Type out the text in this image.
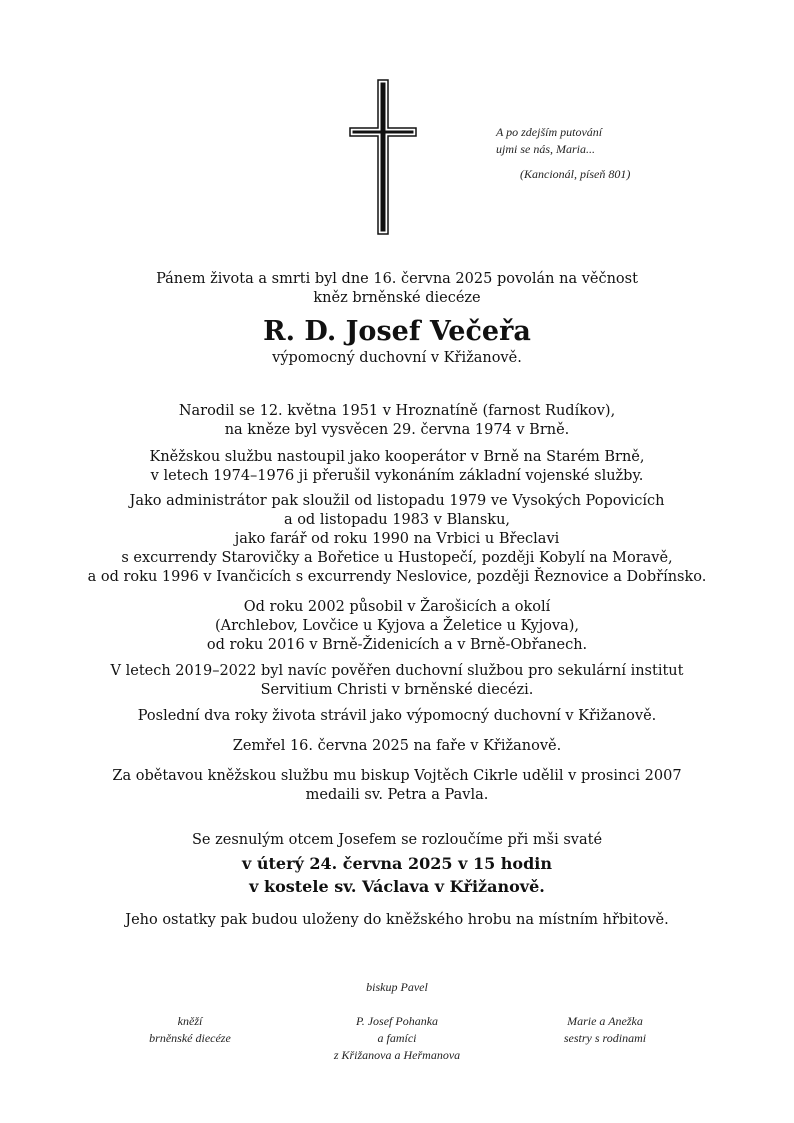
A po zdejším putování
ujmi se nás, Maria...
(Kancionál, píseň 801)
Pánem života a smrti byl dne 16. června 2025 povolán na věčnost
kněz brněnské diecéze
R. D. Josef Večeřa
výpomocný duchovní v Křižanově.
Narodil se 12. května 1951 v Hroznatíně (farnost Rudíkov),
na kněze byl vysvěcen 29. června 1974 v Brně.
Kněžskou službu nastoupil jako kooperátor v Brně na Starém Brně,
v letech 1974–1976 ji přerušil vykonáním základní vojenské služby.
Jako administrátor pak sloužil od listopadu 1979 ve Vysokých Popovicích
a od listopadu 1983 v Blansku,
jako farář od roku 1990 na Vrbici u Břeclavi
s excurrendy Starovičky a Bořetice u Hustopečí, později Kobylí na Moravě,
a od roku 1996 v Ivančicích s excurrendy Neslovice, později Řeznovice a Dobřínsko.
Od roku 2002 působil v Žarošicích a okolí
(Archlebov, Lovčice u Kyjova a Želetice u Kyjova),
od roku 2016 v Brně-Židenicích a v Brně-Obřanech.
V letech 2019–2022 byl navíc pověřen duchovní službou pro sekulární institut
Servitium Christi v brněnské diecézi.
Poslední dva roky života strávil jako výpomocný duchovní v Křižanově.
Zemřel 16. června 2025 na faře v Křižanově.
Za obětavou kněžskou službu mu biskup Vojtěch Cikrle udělil v prosinci 2007
medaili sv. Petra a Pavla.
Se zesnulým otcem Josefem se rozloučíme při mši svaté
v úterý 24. června 2025 v 15 hodin
v kostele sv. Václava v Křižanově.
Jeho ostatky pak budou uloženy do kněžského hrobu na místním hřbitově.
biskup Pavel
kněží
brněnské diecéze
P. Josef Pohanka
a famíci
z Křižanova a Heřmanova
Marie a Anežka
sestry s rodinami
